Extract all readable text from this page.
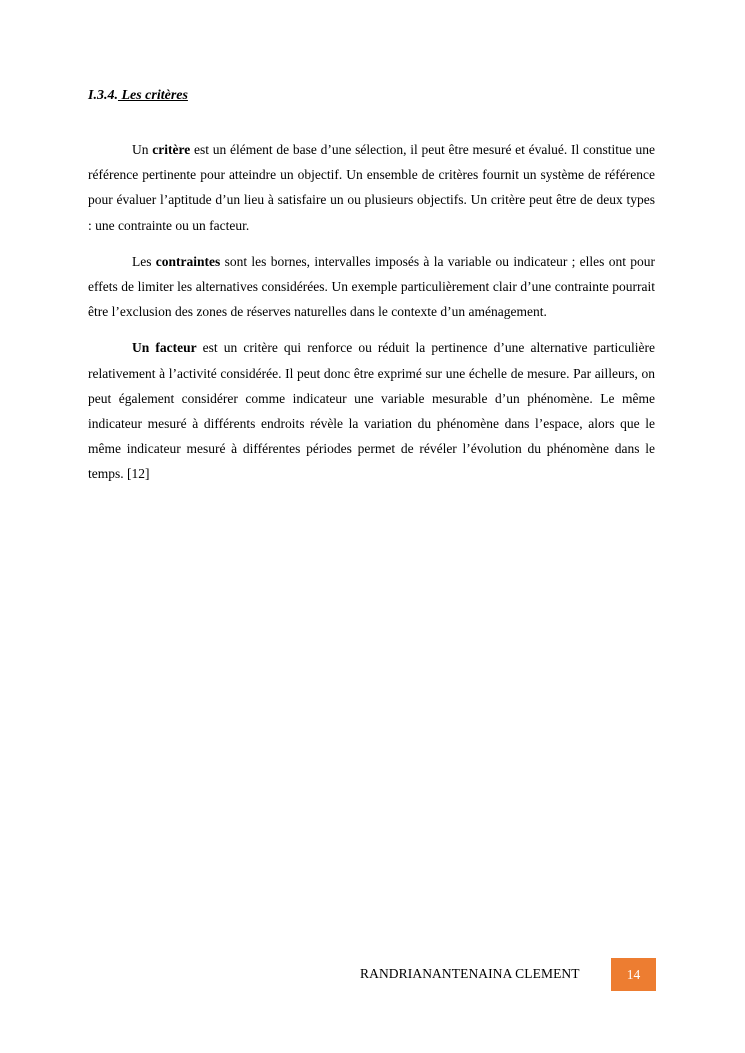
I.3.4. Les critères

Un critère est un élément de base d’une sélection, il peut être mesuré et évalué. Il constitue une référence pertinente pour atteindre un objectif. Un ensemble de critères fournit un système de référence pour évaluer l’aptitude d’un lieu à satisfaire un ou plusieurs objectifs. Un critère peut être de deux types : une contrainte ou un facteur.

Les contraintes sont les bornes, intervalles imposés à la variable ou indicateur ; elles ont pour effets de limiter les alternatives considérées. Un exemple particulièrement clair d’une contrainte pourrait être l’exclusion des zones de réserves naturelles dans le contexte d’un aménagement.

Un facteur est un critère qui renforce ou réduit la pertinence d’une alternative particulière relativement à l’activité considérée. Il peut donc être exprimé sur une échelle de mesure. Par ailleurs, on peut également considérer comme indicateur une variable mesurable d’un phénomène. Le même indicateur mesuré à différents endroits révèle la variation du phénomène dans l’espace, alors que le même indicateur mesuré à différentes périodes permet de révéler l’évolution du phénomène dans le temps. [12]

RANDRIANANTENAINA CLEMENT	14
